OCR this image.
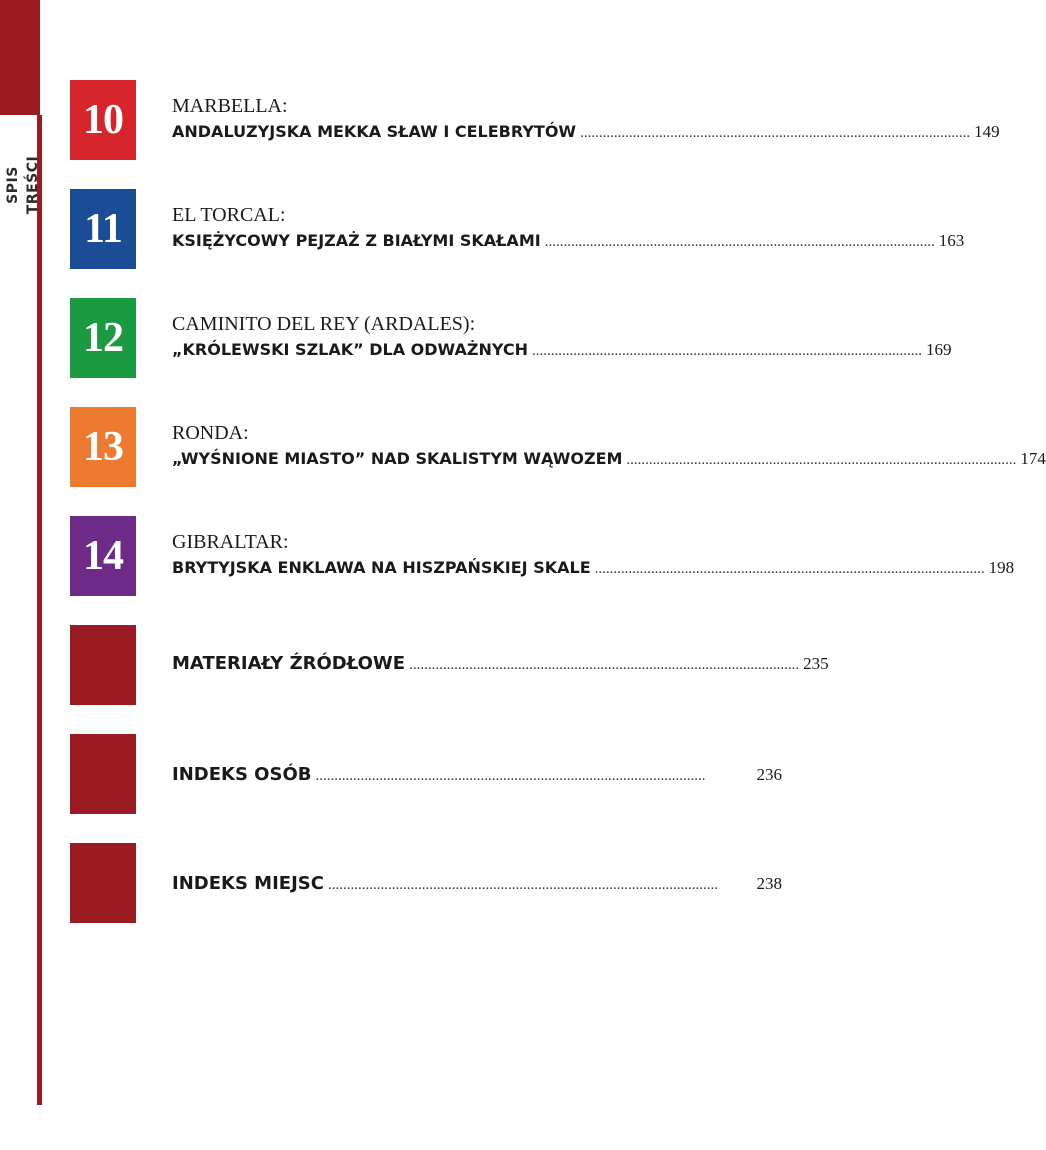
SPIS TREŚCI
10	MARBELLA:
ANDALUZYJSKA MEKKA SŁAW I CELEBRYTÓW ........................................................................................................ 149
11	EL TORCAL:
KSIĘŻYCOWY PEJZAŻ Z BIAŁYMI SKAŁAMI ........................................................................................................ 163
12	CAMINITO DEL REY (ARDALES):
„KRÓLEWSKI SZLAK” DLA ODWAŻNYCH ........................................................................................................ 169
13	RONDA:
„WYŚNIONE MIASTO” NAD SKALISTYM WĄWOZEM ........................................................................................................ 174
14	GIBRALTAR:
BRYTYJSKA ENKLAWA NA HISZPAŃSKIEJ SKALE ........................................................................................................ 198
MATERIAŁY ŹRÓDŁOWE ........................................................................................................ 235
INDEKS OSÓB ........................................................................................................	236
INDEKS MIEJSC ........................................................................................................	238
